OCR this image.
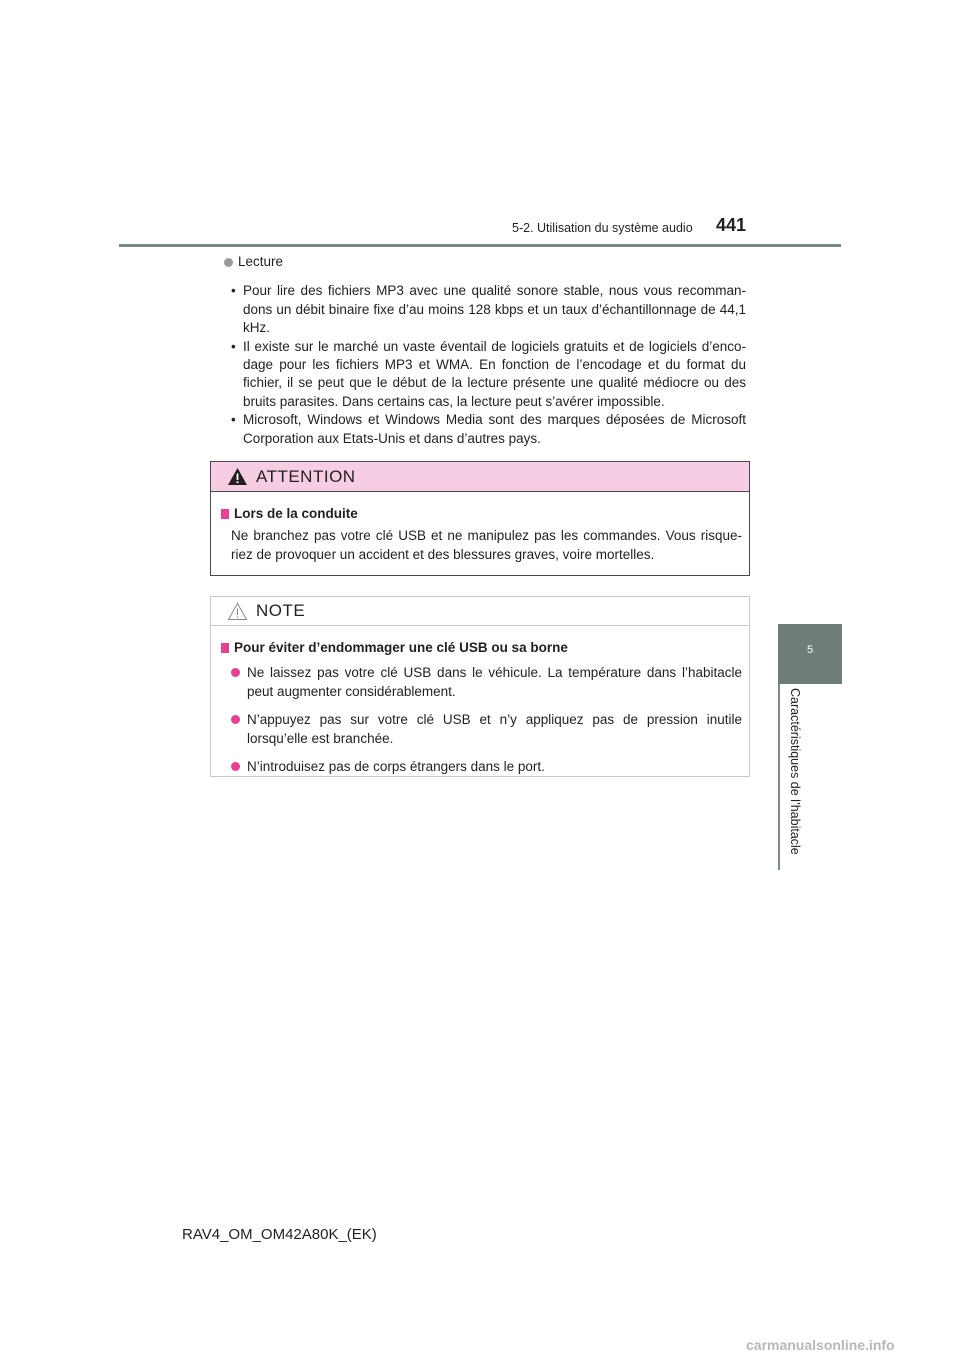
5-2. Utilisation du système audio 441
5
Caractéristiques de l’habitacle
Lecture
• Pour lire des fichiers MP3 avec une qualité sonore stable, nous vous recomman-dons un débit binaire fixe d’au moins 128 kbps et un taux d’échantillonnage de 44,1 kHz.
• Il existe sur le marché un vaste éventail de logiciels gratuits et de logiciels d’enco-dage pour les fichiers MP3 et WMA. En fonction de l’encodage et du format du fichier, il se peut que le début de la lecture présente une qualité médiocre ou des bruits parasites. Dans certains cas, la lecture peut s’avérer impossible.
• Microsoft, Windows et Windows Media sont des marques déposées de Microsoft Corporation aux Etats-Unis et dans d’autres pays.
ATTENTION
Lors de la conduite

Ne branchez pas votre clé USB et ne manipulez pas les commandes. Vous risque-riez de provoquer un accident et des blessures graves, voire mortelles.

NOTE
Pour éviter d’endommager une clé USB ou sa borne
Ne laissez pas votre clé USB dans le véhicule. La température dans l’habitacle peut augmenter considérablement.
N’appuyez pas sur votre clé USB et n’y appliquez pas de pression inutile lorsqu’elle est branchée.
N’introduisez pas de corps étrangers dans le port.
RAV4_OM_OM42A80K_(EK)
carmanualsonline.info
